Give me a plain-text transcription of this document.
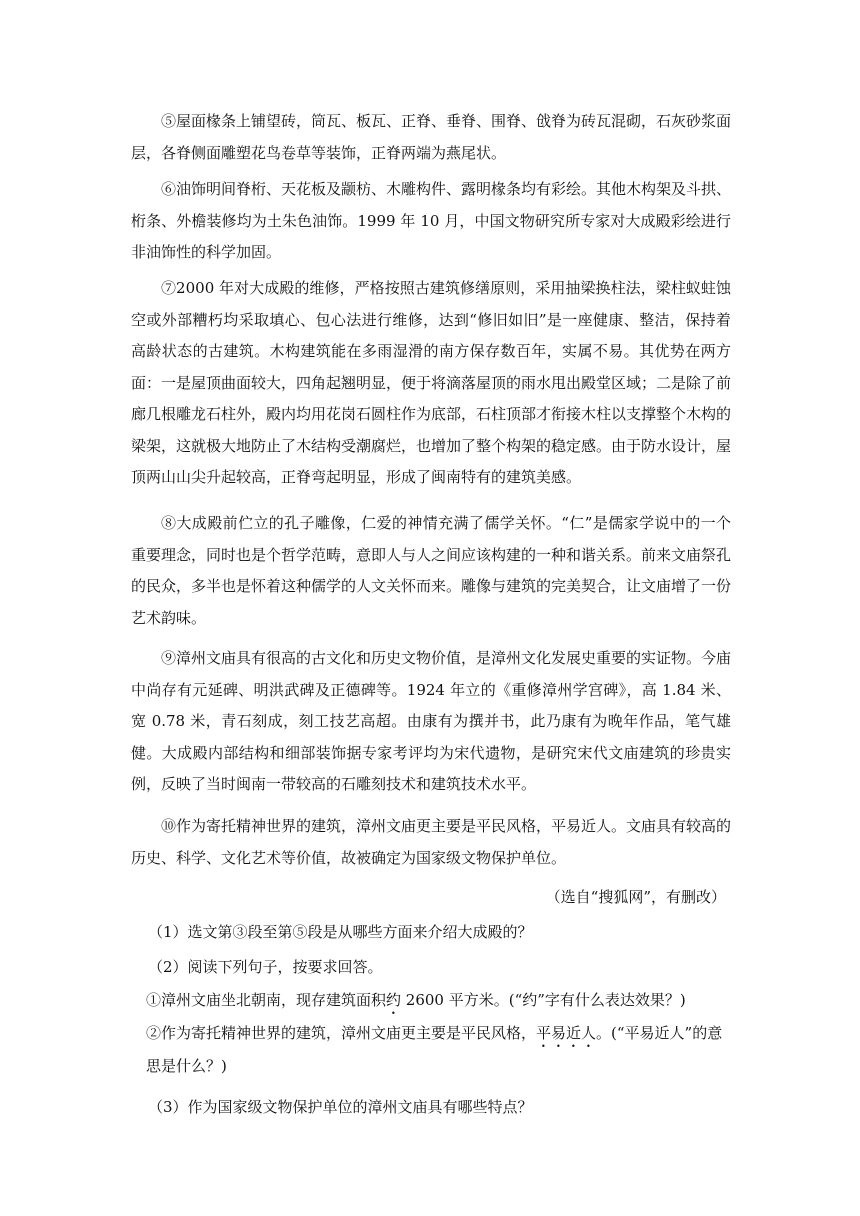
⑤屋面椽条上铺望砖，筒瓦、板瓦、正脊、垂脊、围脊、戗脊为砖瓦混砌，石灰砂浆面层，各脊侧面雕塑花鸟卷草等装饰，正脊两端为燕尾状。

⑥油饰明间脊桁、天花板及颛枋、木雕构件、露明椽条均有彩绘。其他木构架及斗拱、桁条、外檐装修均为土朱色油饰。1999 年 10 月，中国文物研究所专家对大成殿彩绘进行非油饰性的科学加固。

⑦2000 年对大成殿的维修，严格按照古建筑修缮原则，采用抽梁换柱法，梁柱蚁蛀蚀空或外部糟朽均采取填心、包心法进行维修，达到“修旧如旧”是一座健康、整洁，保持着高龄状态的古建筑。木构建筑能在多雨湿滑的南方保存数百年，实属不易。其优势在两方面：一是屋顶曲面较大，四角起翘明显，便于将滴落屋顶的雨水甩出殿堂区域；二是除了前廊几根雕龙石柱外，殿内均用花岗石圆柱作为底部，石柱顶部才衔接木柱以支撑整个木构的梁架，这就极大地防止了木结构受潮腐烂，也增加了整个构架的稳定感。由于防水设计，屋顶两山山尖升起较高，正脊弯起明显，形成了闽南特有的建筑美感。

⑧大成殿前伫立的孔子雕像，仁爱的神情充满了儒学关怀。“仁”是儒家学说中的一个重要理念，同时也是个哲学范畴，意即人与人之间应该构建的一种和谐关系。前来文庙祭孔的民众，多半也是怀着这种儒学的人文关怀而来。雕像与建筑的完美契合，让文庙增了一份艺术韵味。

⑨漳州文庙具有很高的古文化和历史文物价值，是漳州文化发展史重要的实证物。今庙中尚存有元延碑、明洪武碑及正德碑等。1924 年立的《重修漳州学宫碑》，高 1.84 米、宽 0.78 米，青石刻成，刻工技艺高超。由康有为撰并书，此乃康有为晚年作品，笔气雄健。大成殿内部结构和细部装饰据专家考评均为宋代遗物，是研究宋代文庙建筑的珍贵实例，反映了当时闽南一带较高的石雕刻技术和建筑技术水平。

⑩作为寄托精神世界的建筑，漳州文庙更主要是平民风格，平易近人。文庙具有较高的历史、科学、文化艺术等价值，故被确定为国家级文物保护单位。

（选自“搜狐网”，有删改）

（1）选文第③段至第⑤段是从哪些方面来介绍大成殿的？

（2）阅读下列句子，按要求回答。

①漳州文庙坐北朝南，现存建筑面积约 2600 平方米。(“约”字有什么表达效果？)

②作为寄托精神世界的建筑，漳州文庙更主要是平民风格，平易近人。(“平易近人”的意思是什么？)

（3）作为国家级文物保护单位的漳州文庙具有哪些特点？
